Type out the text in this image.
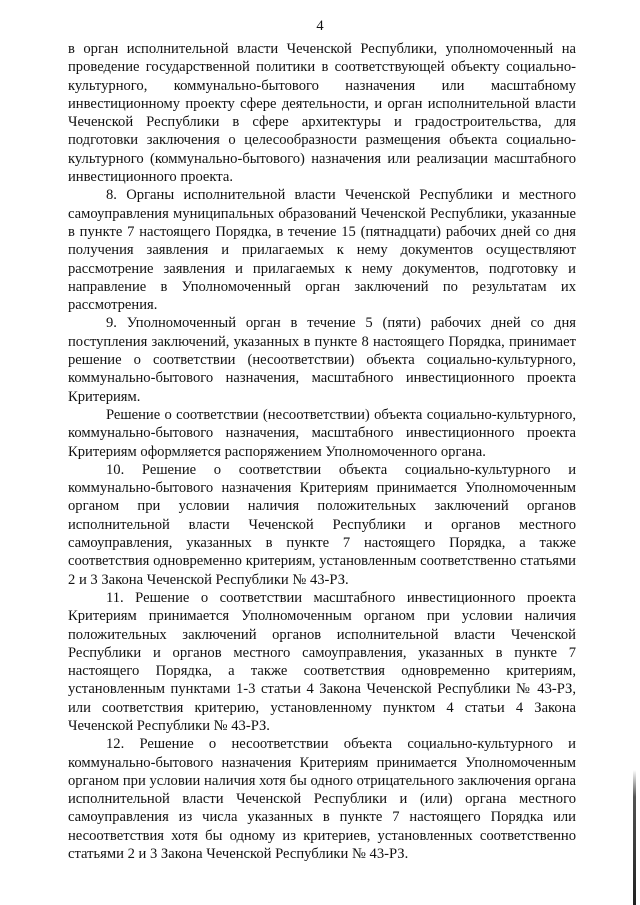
4

в орган исполнительной власти Чеченской Республики, уполномоченный на проведение государственной политики в соответствующей объекту социально-культурного, коммунально-бытового назначения или масштабному инвестиционному проекту сфере деятельности, и орган исполнительной власти Чеченской Республики в сфере архитектуры и градостроительства, для подготовки заключения о целесообразности размещения объекта социально-культурного (коммунально-бытового) назначения или реализации масштабного инвестиционного проекта.

8. Органы исполнительной власти Чеченской Республики и местного самоуправления муниципальных образований Чеченской Республики, указанные в пункте 7 настоящего Порядка, в течение 15 (пятнадцати) рабочих дней со дня получения заявления и прилагаемых к нему документов осуществляют рассмотрение заявления и прилагаемых к нему документов, подготовку и направление в Уполномоченный орган заключений по результатам их рассмотрения.

9. Уполномоченный орган в течение 5 (пяти) рабочих дней со дня поступления заключений, указанных в пункте 8 настоящего Порядка, принимает решение о соответствии (несоответствии) объекта социально-культурного, коммунально-бытового назначения, масштабного инвестиционного проекта Критериям.

Решение о соответствии (несоответствии) объекта социально-культурного, коммунально-бытового назначения, масштабного инвестиционного проекта Критериям оформляется распоряжением Уполномоченного органа.

10. Решение о соответствии объекта социально-культурного и коммунально-бытового назначения Критериям принимается Уполномоченным органом при условии наличия положительных заключений органов исполнительной власти Чеченской Республики и органов местного самоуправления, указанных в пункте 7 настоящего Порядка, а также соответствия одновременно критериям, установленным соответственно статьями 2 и 3 Закона Чеченской Республики № 43-РЗ.

11. Решение о соответствии масштабного инвестиционного проекта Критериям принимается Уполномоченным органом при условии наличия положительных заключений органов исполнительной власти Чеченской Республики и органов местного самоуправления, указанных в пункте 7 настоящего Порядка, а также соответствия одновременно критериям, установленным пунктами 1-3 статьи 4 Закона Чеченской Республики № 43-РЗ, или соответствия критерию, установленному пунктом 4 статьи 4 Закона Чеченской Республики № 43-РЗ.

12. Решение о несоответствии объекта социально-культурного и коммунально-бытового назначения Критериям принимается Уполномоченным органом при условии наличия хотя бы одного отрицательного заключения органа исполнительной власти Чеченской Республики и (или) органа местного самоуправления из числа указанных в пункте 7 настоящего Порядка или несоответствия хотя бы одному из критериев, установленных соответственно статьями 2 и 3 Закона Чеченской Республики № 43-РЗ.
